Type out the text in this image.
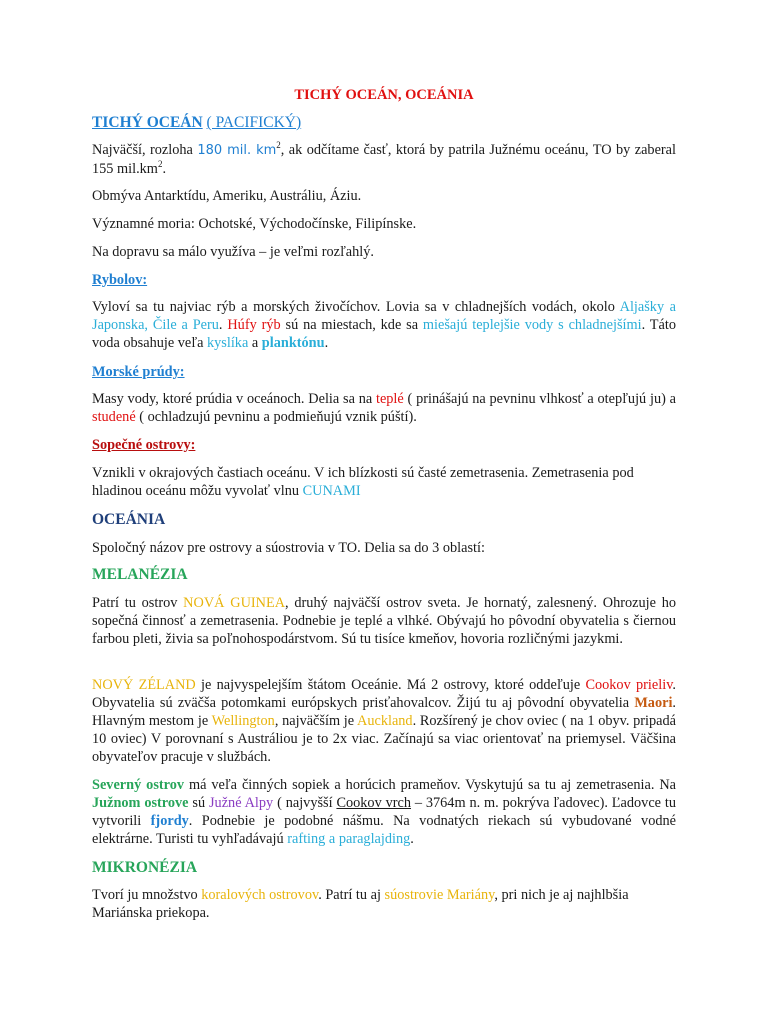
TICHÝ OCEÁN, OCEÁNIA
TICHÝ OCEÁN ( PACIFICKÝ)
Najväčší, rozloha 180 mil. $km^2$, ak odčítame časť, ktorá by patrila Južnému oceánu, TO by zaberal 155 $mil.km^2$.
Obmýva Antarktídu, Ameriku, Austráliu, Áziu.
Významné moria: Ochotské, Východočínske, Filipínske.
Na dopravu sa málo využíva – je veľmi rozľahlý.
Rybolov:
Vyloví sa tu najviac rýb a morských živočíchov. Lovia sa v chladnejších vodách, okolo Aljašky a Japonska, Čile a Peru. Húfy rýb sú na miestach, kde sa miešajú teplejšie vody s chladnejšími. Táto voda obsahuje veľa kyslíka a planktónu.
Morské prúdy:
Masy vody, ktoré prúdia v oceánoch. Delia sa na teplé ( prinášajú na pevninu vlhkosť a otepľujú ju) a studené ( ochladzujú pevninu a podmieňujú vznik púští).
Sopečné ostrovy:
Vznikli v okrajových častiach oceánu. V ich blízkosti sú časté zemetrasenia. Zemetrasenia pod hladinou oceánu môžu vyvolať vlnu CUNAMI
OCEÁNIA
Spoločný názov pre ostrovy a súostrovia v TO. Delia sa do 3 oblastí:
MELANÉZIA
Patrí tu ostrov NOVÁ GUINEA, druhý najväčší ostrov sveta. Je hornatý, zalesnený. Ohrozuje ho sopečná činnosť a zemetrasenia. Podnebie je teplé a vlhké. Obývajú ho pôvodní obyvatelia s čiernou farbou pleti, živia sa poľnohospodárstvom. Sú tu tisíce kmeňov, hovoria rozličnými jazykmi.
NOVÝ ZÉLAND je najvyspelejším štátom Oceánie. Má 2 ostrovy, ktoré oddeľuje Cookov prieliv. Obyvatelia sú zväčša potomkami európskych prisťahovalcov. Žijú tu aj pôvodní obyvatelia Maori. Hlavným mestom je Wellington, najväčším je Auckland. Rozšírený je chov oviec ( na 1 obyv. pripadá 10 oviec) V porovnaní s Austráliou je to 2x viac. Začínajú sa viac orientovať na priemysel. Väčšina obyvateľov pracuje v službách.
Severný ostrov má veľa činných sopiek a horúcich prameňov. Vyskytujú sa tu aj zemetrasenia. Na Južnom ostrove sú Južné Alpy ( najvyšší Cookov vrch – 3764m n. m. pokrýva ľadovec). Ľadovce tu vytvorili fjordy. Podnebie je podobné nášmu. Na vodnatých riekach sú vybudované vodné elektrárne. Turisti tu vyhľadávajú rafting a paraglajding.
MIKRONÉZIA
Tvorí ju množstvo koralových ostrovov. Patrí tu aj súostrovie Mariány, pri nich je aj najhlbšia Mariánska priekopa.
